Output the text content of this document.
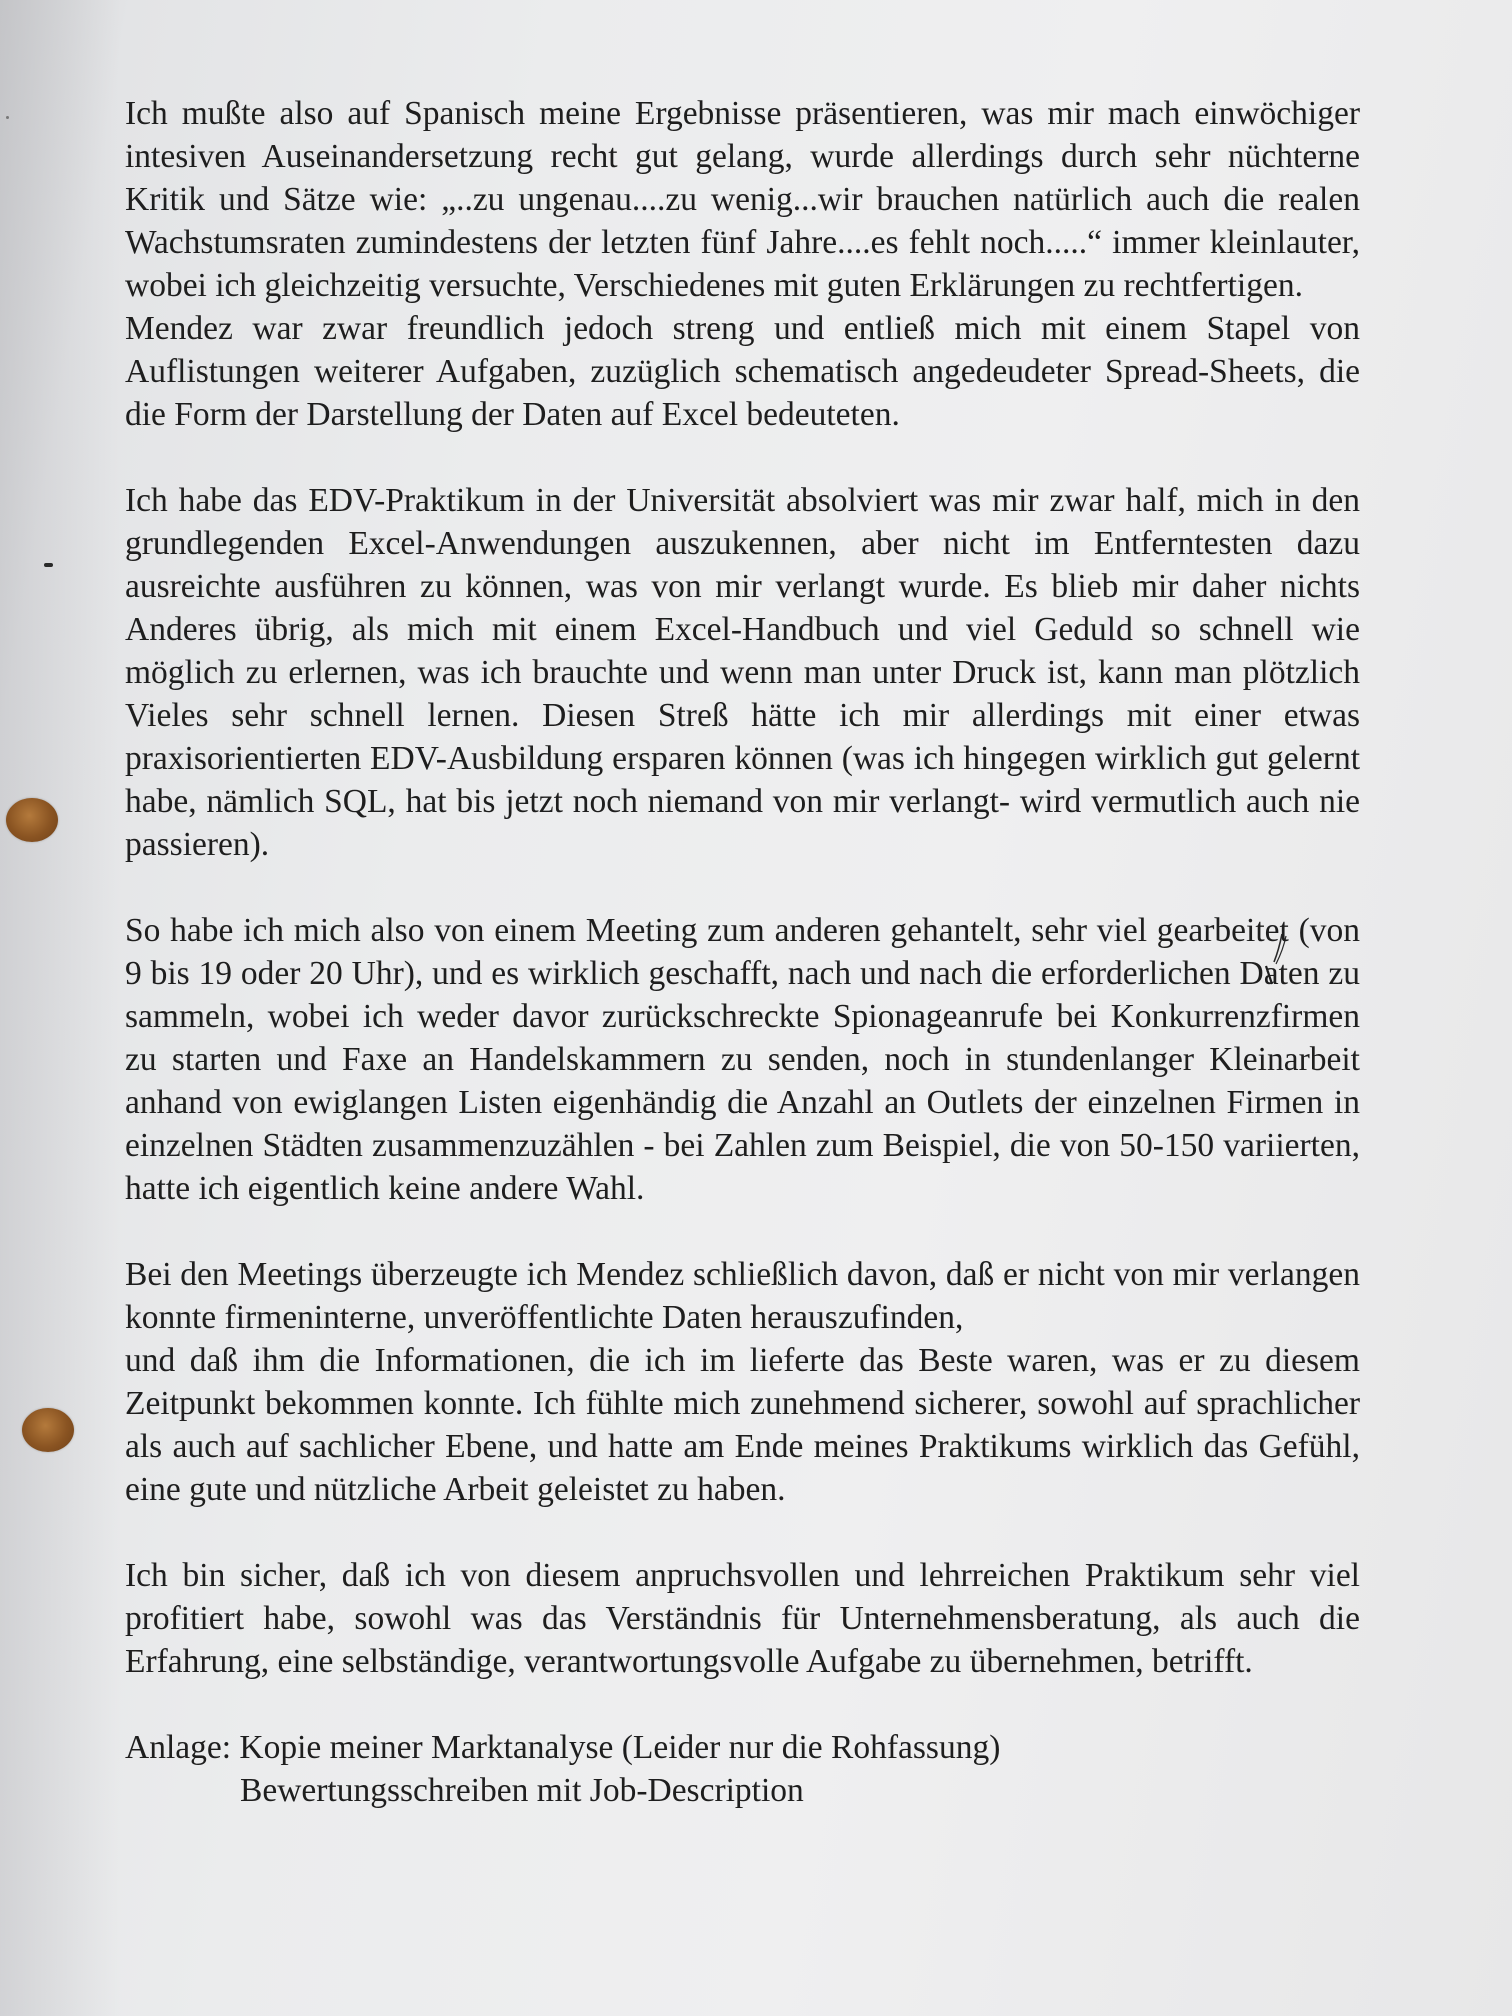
Ich mußte also auf Spanisch meine Ergebnisse präsentieren, was mir mach einwöchiger intesiven Auseinandersetzung recht gut gelang, wurde allerdings durch sehr nüchterne Kritik und Sätze wie: „..zu ungenau....zu wenig...wir brauchen natürlich auch die realen Wachstumsraten zumindestens der letzten fünf Jahre....es fehlt noch.....“ immer kleinlauter, wobei ich gleichzeitig versuchte, Verschiedenes mit guten Erklärungen zu rechtfertigen.
Mendez war zwar freundlich jedoch streng und entließ mich mit einem Stapel von Auflistungen weiterer Aufgaben, zuzüglich schematisch angedeudeter Spread-Sheets, die die Form der Darstellung der Daten auf Excel bedeuteten.

Ich habe das EDV-Praktikum in der Universität absolviert was mir zwar half, mich in den grundlegenden Excel-Anwendungen auszukennen, aber nicht im Entferntesten dazu ausreichte ausführen zu können, was von mir verlangt wurde. Es blieb mir daher nichts Anderes übrig, als mich mit einem Excel-Handbuch und viel Geduld so schnell wie möglich zu erlernen, was ich brauchte und wenn man unter Druck ist, kann man plötzlich Vieles sehr schnell lernen. Diesen Streß hätte ich mir allerdings mit einer etwas praxisorientierten EDV-Ausbildung ersparen können (was ich hingegen wirklich gut gelernt habe, nämlich SQL, hat bis jetzt noch niemand von mir verlangt- wird vermutlich auch nie passieren).

So habe ich mich also von einem Meeting zum anderen gehantelt, sehr viel gearbeitet (von 9 bis 19 oder 20 Uhr), und es wirklich geschafft, nach und nach die erforderlichen Daten zu sammeln, wobei ich weder davor zurückschreckte Spionageanrufe bei Konkurrenzfirmen zu starten und Faxe an Handelskammern zu senden, noch in stundenlanger Kleinarbeit anhand von ewiglangen Listen eigenhändig die Anzahl an Outlets der einzelnen Firmen in einzelnen Städten zusammenzuzählen - bei Zahlen zum Beispiel, die von 50-150 variierten, hatte ich eigentlich keine andere Wahl.

Bei den Meetings überzeugte ich Mendez schließlich davon, daß er nicht von mir verlangen konnte firmeninterne, unveröffentlichte Daten herauszufinden,
und daß ihm die Informationen, die ich im lieferte das Beste waren, was er zu diesem Zeitpunkt bekommen konnte. Ich fühlte mich zunehmend sicherer, sowohl auf sprachlicher als auch auf sachlicher Ebene, und hatte am Ende meines Praktikums wirklich das Gefühl, eine gute und nützliche Arbeit geleistet zu haben.

Ich bin sicher, daß ich von diesem anpruchsvollen und lehrreichen Praktikum sehr viel profitiert habe, sowohl was das Verständnis für Unternehmensberatung, als auch die Erfahrung, eine selbständige, verantwortungsvolle Aufgabe zu übernehmen, betrifft.

Anlage: Kopie meiner Marktanalyse (Leider nur die Rohfassung)
Bewertungsschreiben mit Job-Description
